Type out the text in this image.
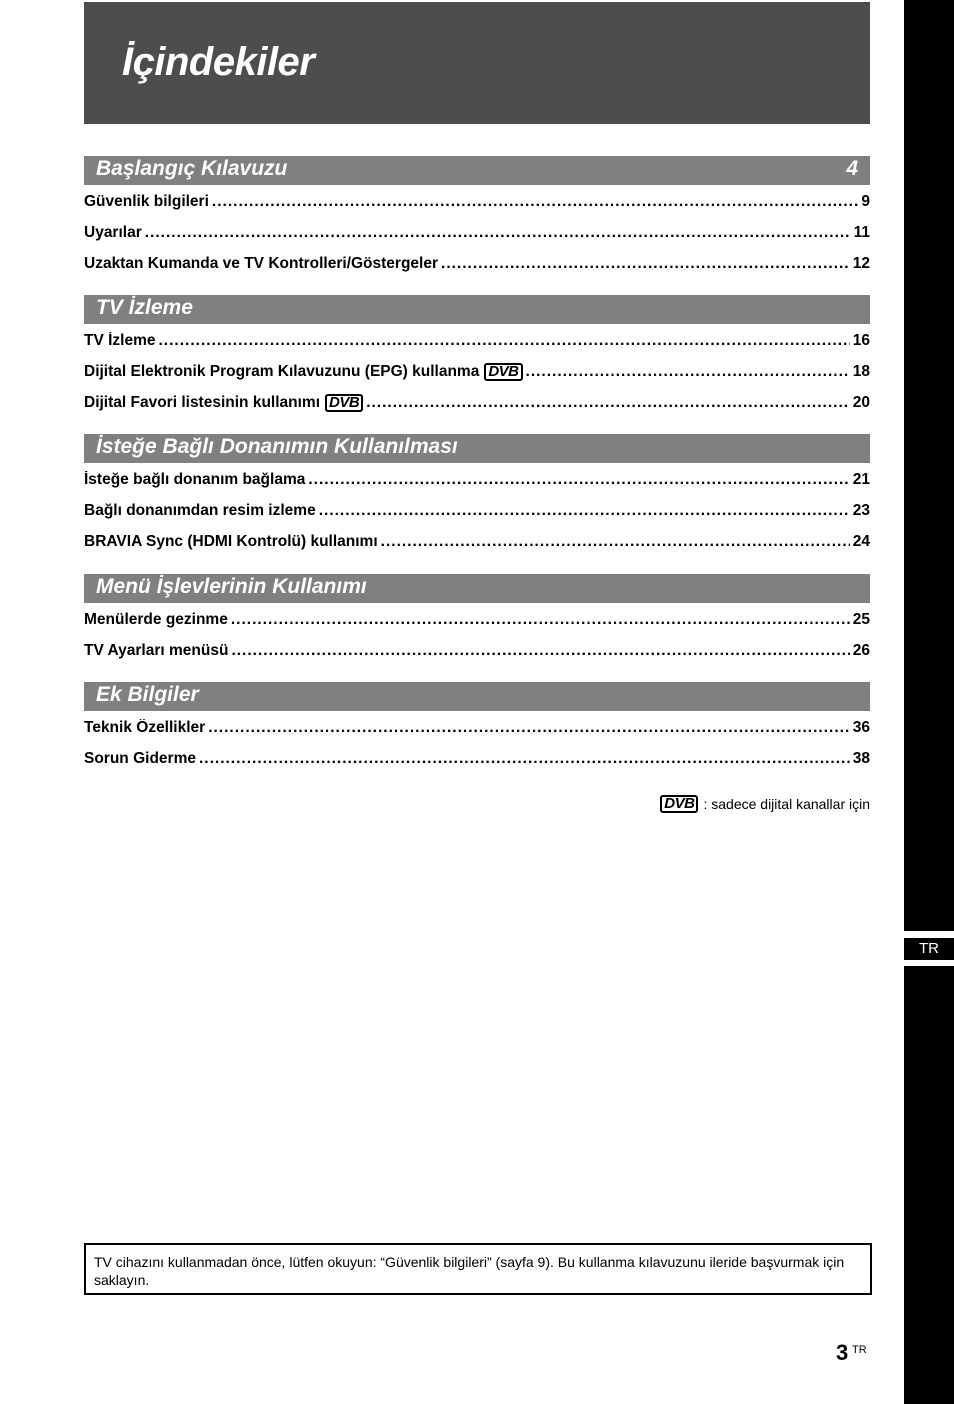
İçindekiler
TR
Başlangıç Kılavuzu	4
Güvenlik bilgileri .....	9
Uyarılar .....	11
Uzaktan Kumanda ve TV Kontrolleri/Göstergeler .....	12
TV İzleme
TV İzleme .....	16
Dijital Elektronik Program Kılavuzunu (EPG) kullanma DVB .....	18
Dijital Favori listesinin kullanımı DVB .....	20
İsteğe Bağlı Donanımın Kullanılması
İsteğe bağlı donanım bağlama .....	21
Bağlı donanımdan resim izleme .....	23
BRAVIA Sync (HDMI Kontrolü) kullanımı .....	24
Menü İşlevlerinin Kullanımı
Menülerde gezinme .....	25
TV Ayarları menüsü .....	26
Ek Bilgiler
Teknik Özellikler .....	36
Sorun Giderme .....	38
DVB : sadece dijital kanallar için
TV cihazını kullanmadan önce, lütfen okuyun: “Güvenlik bilgileri” (sayfa 9). Bu kullanma kılavuzunu ileride başvurmak için saklayın.
3 TR
